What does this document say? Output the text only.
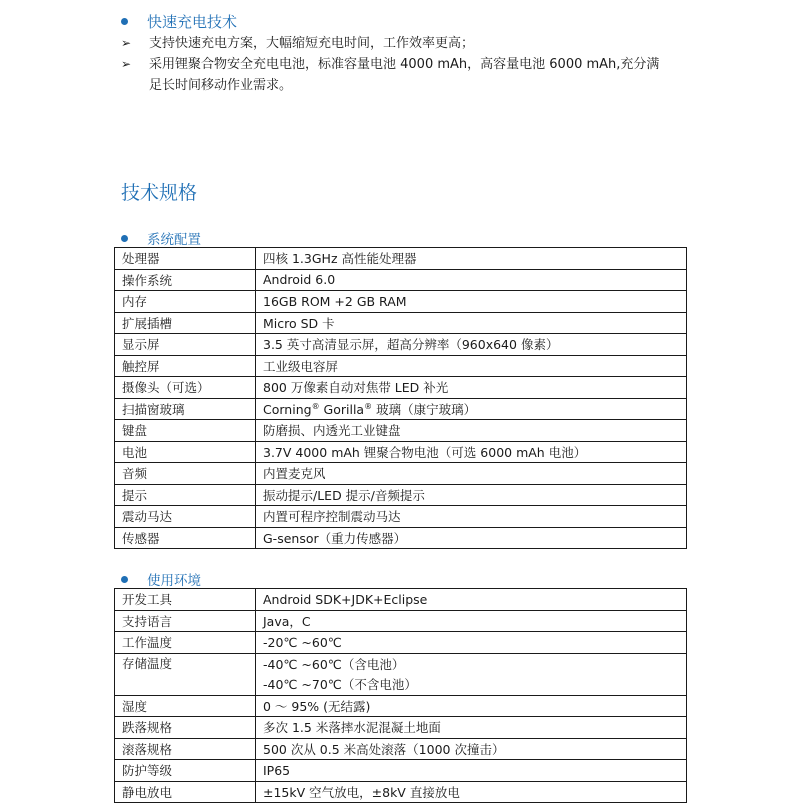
快速充电技术
➢	支持快速充电方案，大幅缩短充电时间，工作效率更高；
➢	采用锂聚合物安全充电电池，标准容量电池 4000 mAh，高容量电池 6000 mAh,充分满
足长时间移动作业需求。
技术规格
系统配置
处理器	四核 1.3GHz 高性能处理器
操作系统	Android 6.0
内存	16GB ROM +2 GB RAM
扩展插槽	Micro SD 卡
显示屏	3.5 英寸高清显示屏，超高分辨率（960x640 像素）
触控屏	工业级电容屏
摄像头（可选）	800 万像素自动对焦带 LED 补光
扫描窗玻璃	Corning® Gorilla® 玻璃（康宁玻璃）
键盘	防磨损、内透光工业键盘
电池	3.7V 4000 mAh 锂聚合物电池（可选 6000 mAh 电池）
音频	内置麦克风
提示	振动提示/LED 提示/音频提示
震动马达	内置可程序控制震动马达
传感器	G-sensor（重力传感器）
使用环境
开发工具	Android SDK+JDK+Eclipse
支持语言	Java，C
工作温度	-20℃ ~60℃
存储温度	-40℃ ~60℃（含电池）
	-40℃ ~70℃（不含电池）
湿度	0 ～ 95% (无结露)
跌落规格	多次 1.5 米落摔水泥混凝土地面
滚落规格	500 次从 0.5 米高处滚落（1000 次撞击）
防护等级	IP65
静电放电	±15kV 空气放电，±8kV 直接放电
